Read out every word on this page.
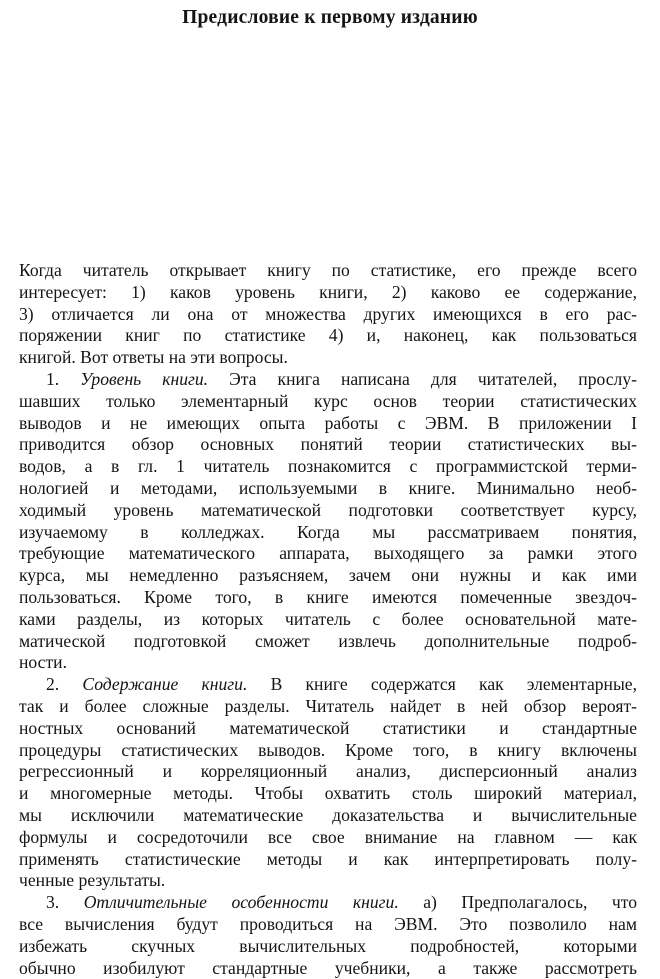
Предисловие к первому изданию
Когда читатель открывает книгу по статистике, его прежде всего
интересует: 1) каков уровень книги, 2) каково ее содержание,
3) отличается ли она от множества других имеющихся в его рас-
поряжении книг по статистике 4) и, наконец, как пользоваться
книгой. Вот ответы на эти вопросы.
1. Уровень книги. Эта книга написана для читателей, прослу-
шавших только элементарный курс основ теории статистических
выводов и не имеющих опыта работы с ЭВМ. В приложении I
приводится обзор основных понятий теории статистических вы-
водов, а в гл. 1 читатель познакомится с программистской терми-
нологией и методами, используемыми в книге. Минимально необ-
ходимый уровень математической подготовки соответствует курсу,
изучаемому в колледжах. Когда мы рассматриваем понятия,
требующие математического аппарата, выходящего за рамки этого
курса, мы немедленно разъясняем, зачем они нужны и как ими
пользоваться. Кроме того, в книге имеются помеченные звездоч-
ками разделы, из которых читатель с более основательной мате-
матической подготовкой сможет извлечь дополнительные подроб-
ности.
2. Содержание книги. В книге содержатся как элементарные,
так и более сложные разделы. Читатель найдет в ней обзор вероят-
ностных оснований математической статистики и стандартные
процедуры статистических выводов. Кроме того, в книгу включены
регрессионный и корреляционный анализ, дисперсионный анализ
и многомерные методы. Чтобы охватить столь широкий материал,
мы исключили математические доказательства и вычислительные
формулы и сосредоточили все свое внимание на главном — как
применять статистические методы и как интерпретировать полу-
ченные результаты.
3. Отличительные особенности книги. а) Предполагалось, что
все вычисления будут проводиться на ЭВМ. Это позволило нам
избежать скучных вычислительных подробностей, которыми
обычно изобилуют стандартные учебники, а также рассмотреть
